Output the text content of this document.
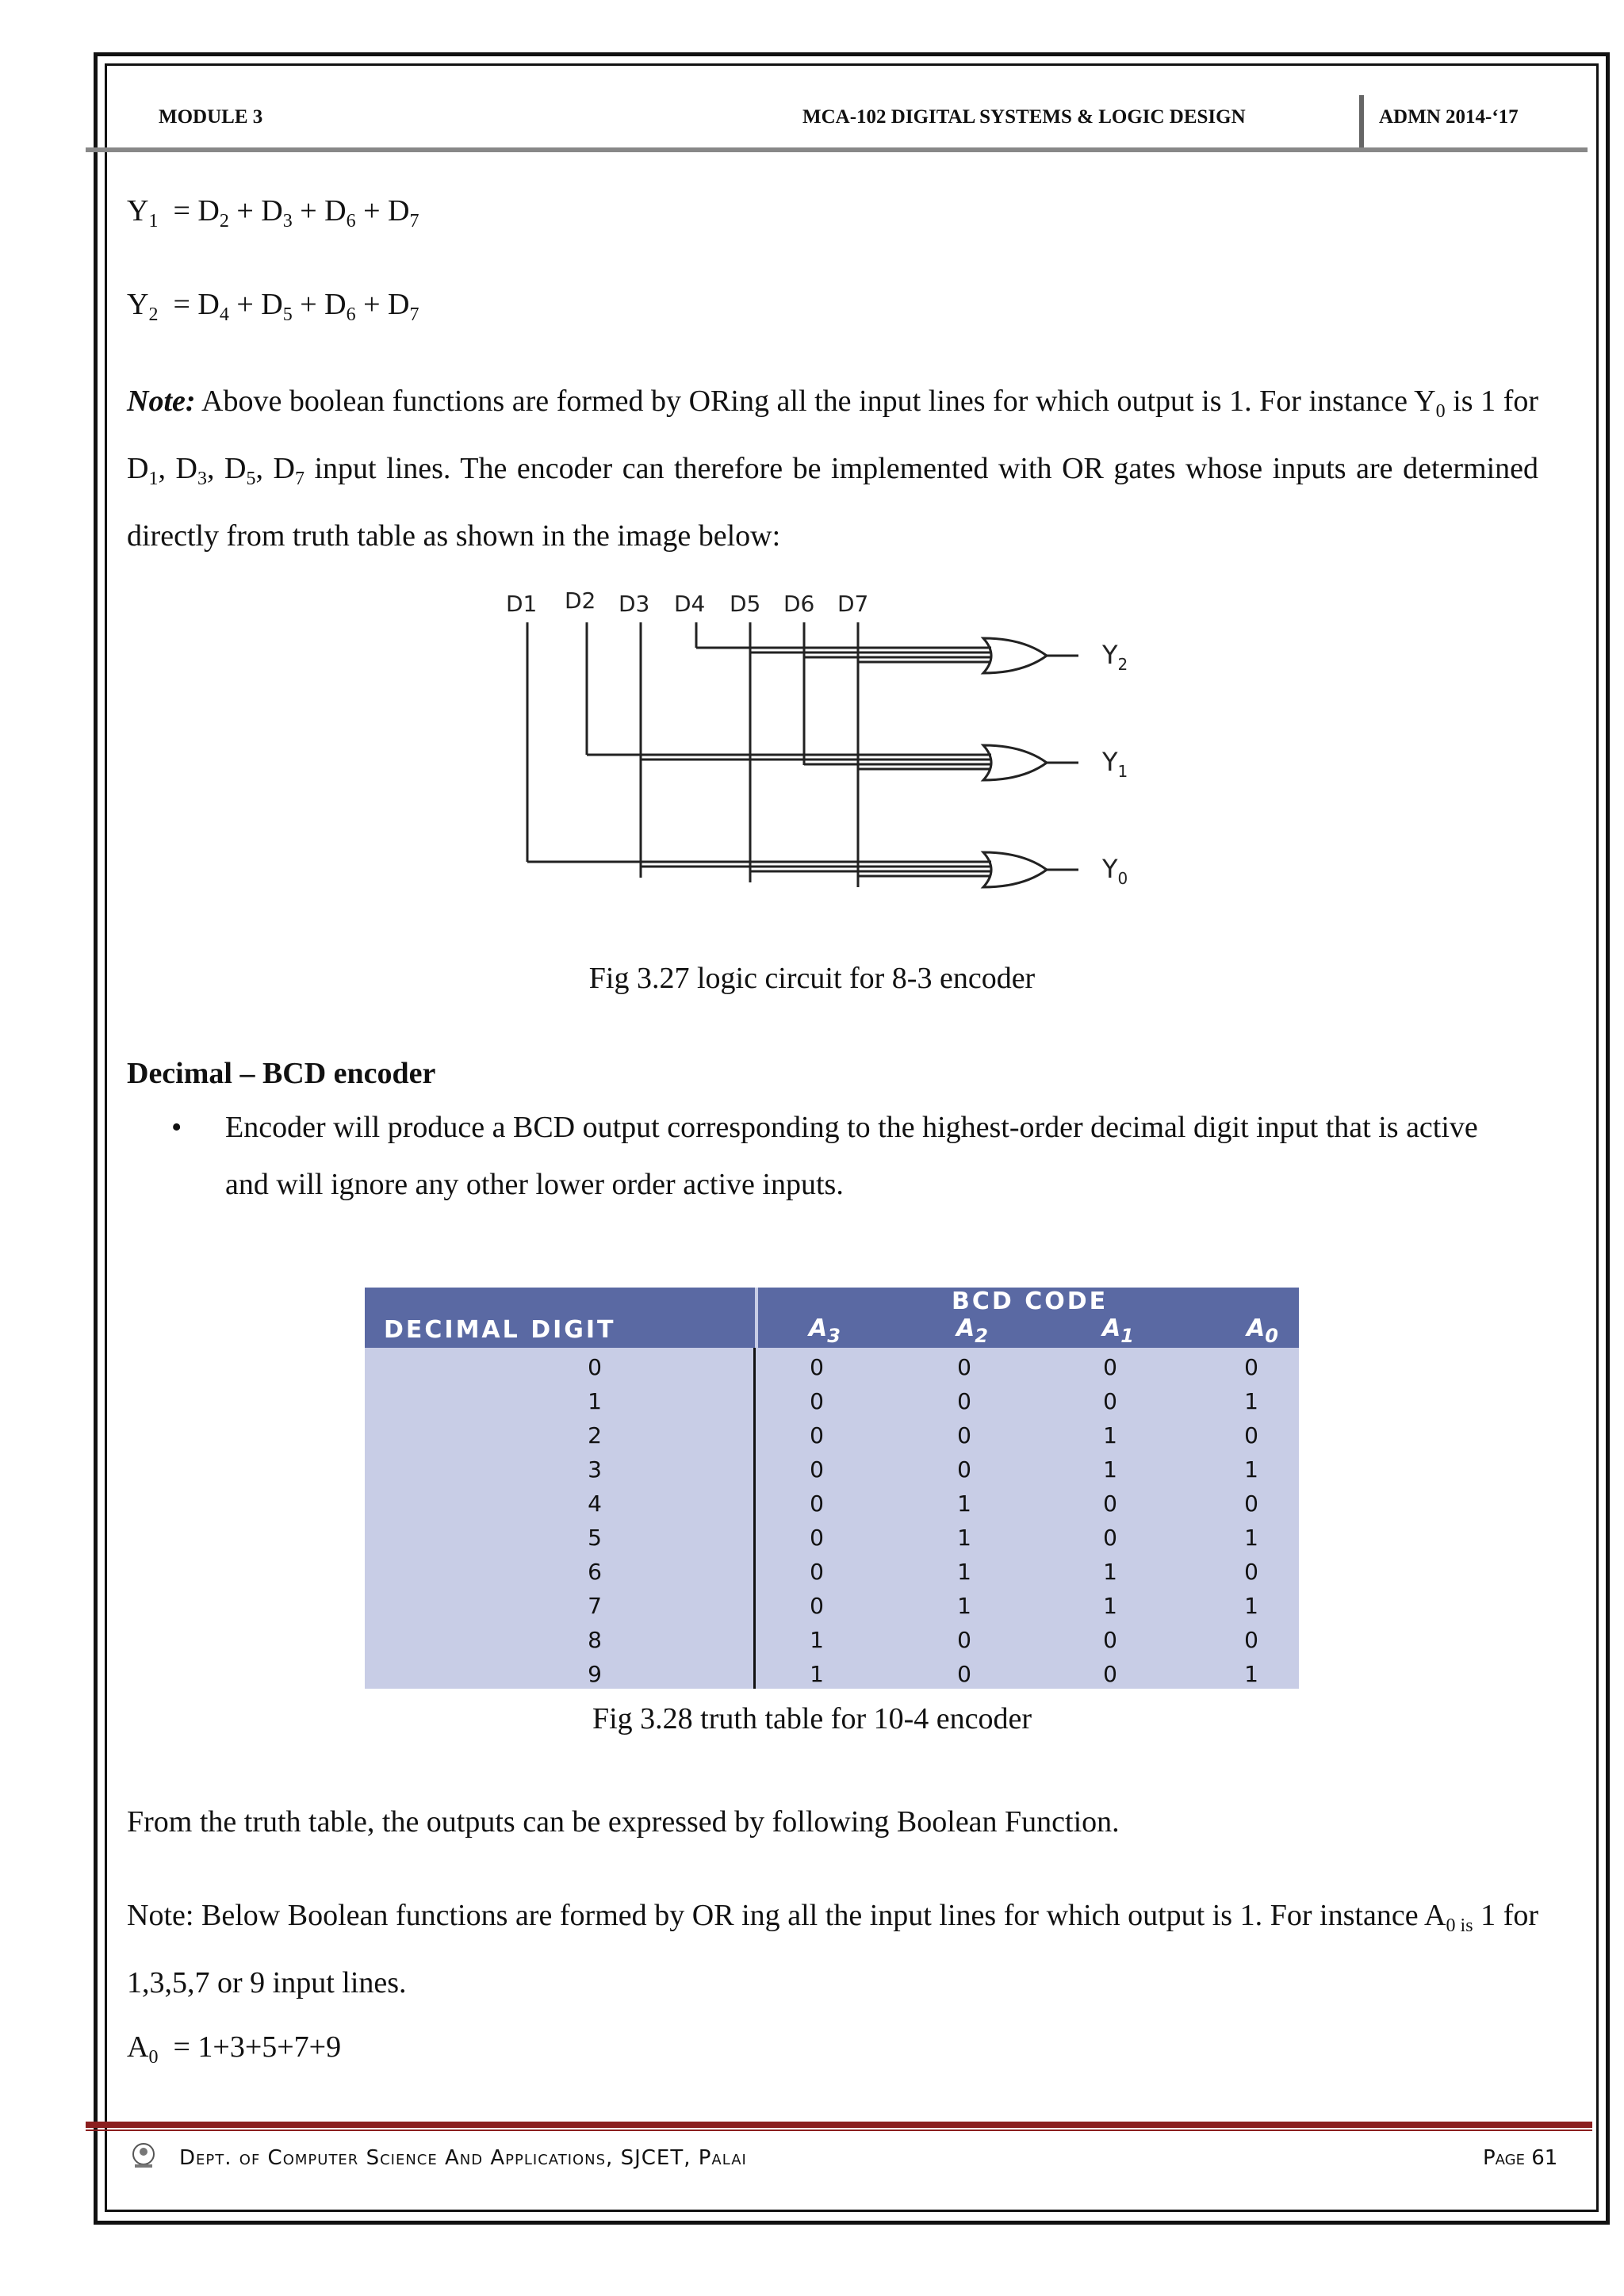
MODULE 3	MCA-102 DIGITAL SYSTEMS & LOGIC DESIGN	ADMN 2014-‘17
$Y_1 = D_2 + D_3 + D_6 + D_7$
$Y_2 = D_4 + D_5 + D_6 + D_7$
Note: Above boolean functions are formed by ORing all the input lines for which output is 1. For instance $Y_0$ is 1 for $D_1$, $D_3$, $D_5$, $D_7$ input lines. The encoder can therefore be implemented with OR gates whose inputs are determined directly from truth table as shown in the image below:
D1 D2 D3 D4 D5 D6 D7
$Y_2$
$Y_1$
$Y_0$
Fig 3.27 logic circuit for 8-3 encoder
Decimal – BCD encoder
• Encoder will produce a BCD output corresponding to the highest-order decimal digit input that is active and will ignore any other lower order active inputs.
DECIMAL DIGIT
BCD CODE
$A_3$	$A_2$	$A_1$	$A_0$
0	0	0	0	0
1	0	0	0	1
2	0	0	1	0
3	0	0	1	1
4	0	1	0	0
5	0	1	0	1
6	0	1	1	0
7	0	1	1	1
8	1	0	0	0
9	1	0	0	1
Fig 3.28 truth table for 10-4 encoder
From the truth table, the outputs can be expressed by following Boolean Function.
Note: Below Boolean functions are formed by OR ing all the input lines for which output is 1. For instance $A_{0 is}$ 1 for 1,3,5,7 or 9 input lines.
$A_0 = 1+3+5+7+9$
Dept. of Computer Science And Applications, SJCET, Palai	Page 61
